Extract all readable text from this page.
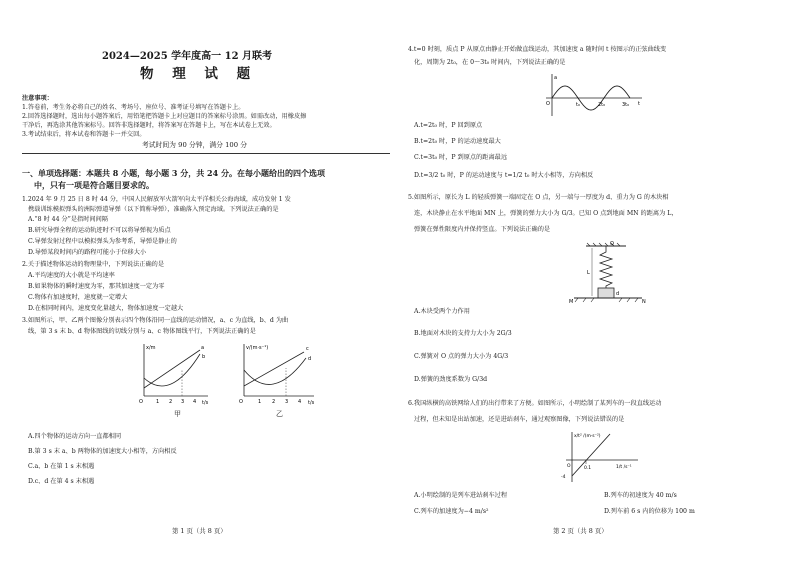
2024—2025 学年度高一 12 月联考
物 理 试 题
注意事项：
1.答卷前，考生务必将自己的姓名、考场号、座位号、准考证号填写在答题卡上。
2.回答选择题时，选出每小题答案后，用铅笔把答题卡上对应题目的答案标号涂黑。如需改动，用橡皮擦
干净后，再选涂其他答案标号。回答非选择题时，将答案写在答题卡上，写在本试卷上无效。
3.考试结束后，将本试卷和答题卡一并交回。
考试时间为 90 分钟，满分 100 分
一、单项选择题：本题共 8 小题，每小题 3 分，共 24 分。在每小题给出的四个选项
中，只有一项是符合题目要求的。
1.2024 年 9 月 25 日 8 时 44 分，中国人民解放军火箭军向太平洋相关公海海域，成功发射 1 发
携载训练模拟弹头的洲际弹道导弹（以下简称导弹），准确落入预定海域。下列说法正确的是
A.“8 时 44 分”是指时间间隔
B.研究导弹全程的运动轨迹时不可以将导弹视为质点
C.导弹发射过程中以模拟弹头为参考系，导弹是静止的
D.导弹某段时间内的路程可能小于位移大小
2.关于描述物体运动的物理量中，下列说法正确的是
A.平均速度的大小就是平均速率
B.如果物体的瞬时速度为零，那其加速度一定为零
C.物体有加速度时，速度就一定增大
D.在相同时间内，速度变化量越大，物体加速度一定越大
3.如图所示，甲、乙两个图像分别表示四个物体沿同一直线的运动情况，a、c 为直线，b、d 为曲
线，第 3 s 末 b、d 物体图线的切线分别与 a、c 物体图线平行，下列说法正确的是
x/m
t/s
O	1 2 3 4
a
b
甲
v/(m·s⁻¹)
t/s
O	1 2 3 4
c
d
乙
A.四个物体的运动方向一直都相同
B.第 3 s 末 a、b 两物体的加速度大小相等，方向相反
C.a、b 在第 1 s 末相遇
D.c、d 在第 4 s 末相遇
第 1 页（共 8 页）
4.t=0 时刻，质点 P 从原点由静止开始做直线运动，其加速度 a 随时间 t 按图示的正弦曲线变
化，周期为 2t₀，在 0～3t₀ 时间内，下列说法正确的是
a
O	t₀	2t₀	3t₀ t
A.t=2t₀ 时，P 回到原点
B.t=2t₀ 时，P 的运动速度最大
C.t=3t₀ 时，P 到原点的距离最远
D.t=3/2 t₀ 时，P 的运动速度与 t=1/2 t₀ 时大小相等，方向相反
5.如图所示，原长为 L 的轻质弹簧一端固定在 O 点，另一端与一厚度为 d、重力为 G 的木块相
连，木块静止在水平地面 MN 上，弹簧的弹力大小为 G/3。已知 O 点到地面 MN 的距离为 L，
弹簧在弹性限度内并保持竖直。下列说法正确的是
O
L
d
M	N
A.木块受两个力作用
B.地面对木块的支持力大小为 2G/3
C.弹簧对 O 点的弹力大小为 4G/3
D.弹簧的劲度系数为 G/3d
6.我国纵横的高铁网给人们的出行带来了方便。如图所示，小明绘制了某列车的一段直线运动
过程，但未知是出站加速，还是进站刹车，通过观察图像，下列说法错误的是
x/t² /(m·s⁻²)
1/t /s⁻¹
0.1
-4
O
A.小明绘制的是列车进站刹车过程	B.列车的初速度为 40 m/s
C.列车的加速度为−4 m/s²	D.列车前 6 s 内的位移为 100 m
第 2 页（共 8 页）
